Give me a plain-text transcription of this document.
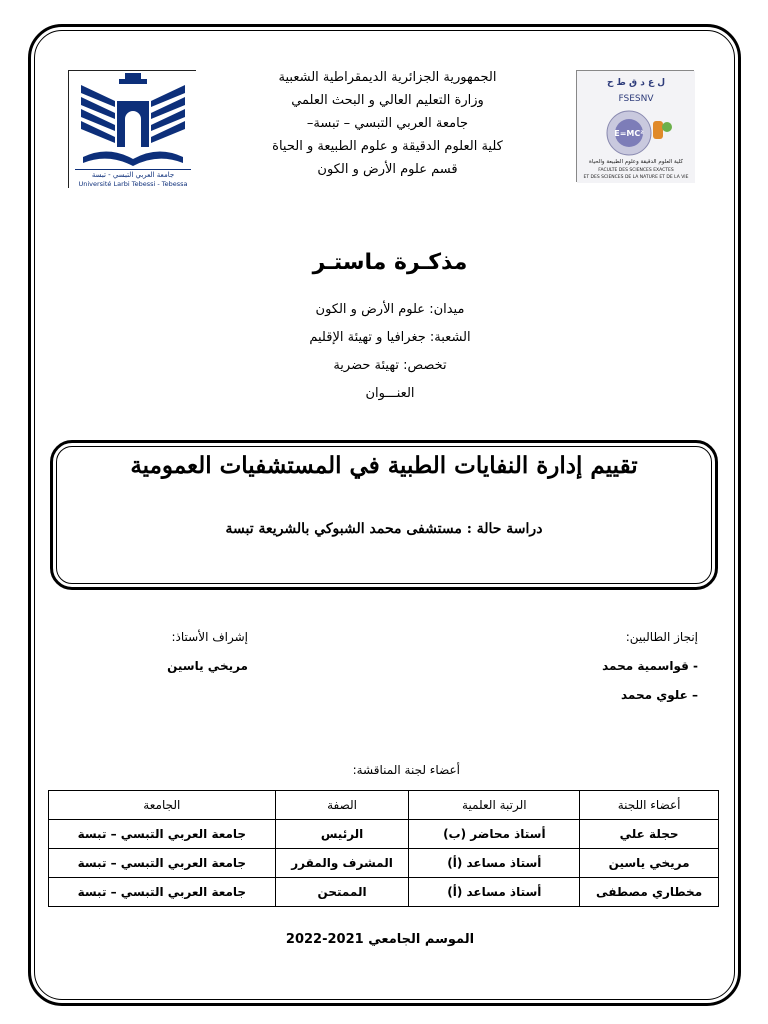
جامعة العربي التبسي - تبسة
Université Larbi Tebessi - Tebessa
ل ع د ق ط ح
FSESNV
E=MC²
كلية العلوم الدقيقة وعلوم الطبيعة والحياة
FACULTE DES SCIENCES EXACTES
ET DES SCIENCES DE LA NATURE ET DE LA VIE
الجمهورية الجزائرية الديمقراطية الشعبية
وزارة التعليم العالي و البحث العلمي
جامعة العربي التبسي – تبسة–
كلية العلوم الدقيقة و علوم الطبيعة و الحياة
قسم علوم الأرض و الكون
مذكـرة ماستـر
ميدان: علوم الأرض و الكون
الشعبة: جغرافيا و تهيئة الإقليم
تخصص: تهيئة حضرية
العنـــوان
تقييم إدارة النفايات الطبية في المستشفيات العمومية
دراسة حالة : مستشفى محمد الشبوكي بالشريعة تبسة
إنجاز الطالبين:
- قواسمية محمد
– علوي محمد
إشراف الأستاذ:
مريخي ياسين
أعضاء لجنة المناقشة:
أعضاء اللجنة	الرتبة العلمية	الصفة	الجامعة
حجلة علي	أستاذ محاضر (ب)	الرئيس	جامعة العربي التبسي – تبسة
مريخي ياسين	أستاذ مساعد (أ)	المشرف والمقرر	جامعة العربي التبسي – تبسة
مخطاري مصطفى	أستاذ مساعد (أ)	الممتحن	جامعة العربي التبسي – تبسة
الموسم الجامعي 2021-2022
